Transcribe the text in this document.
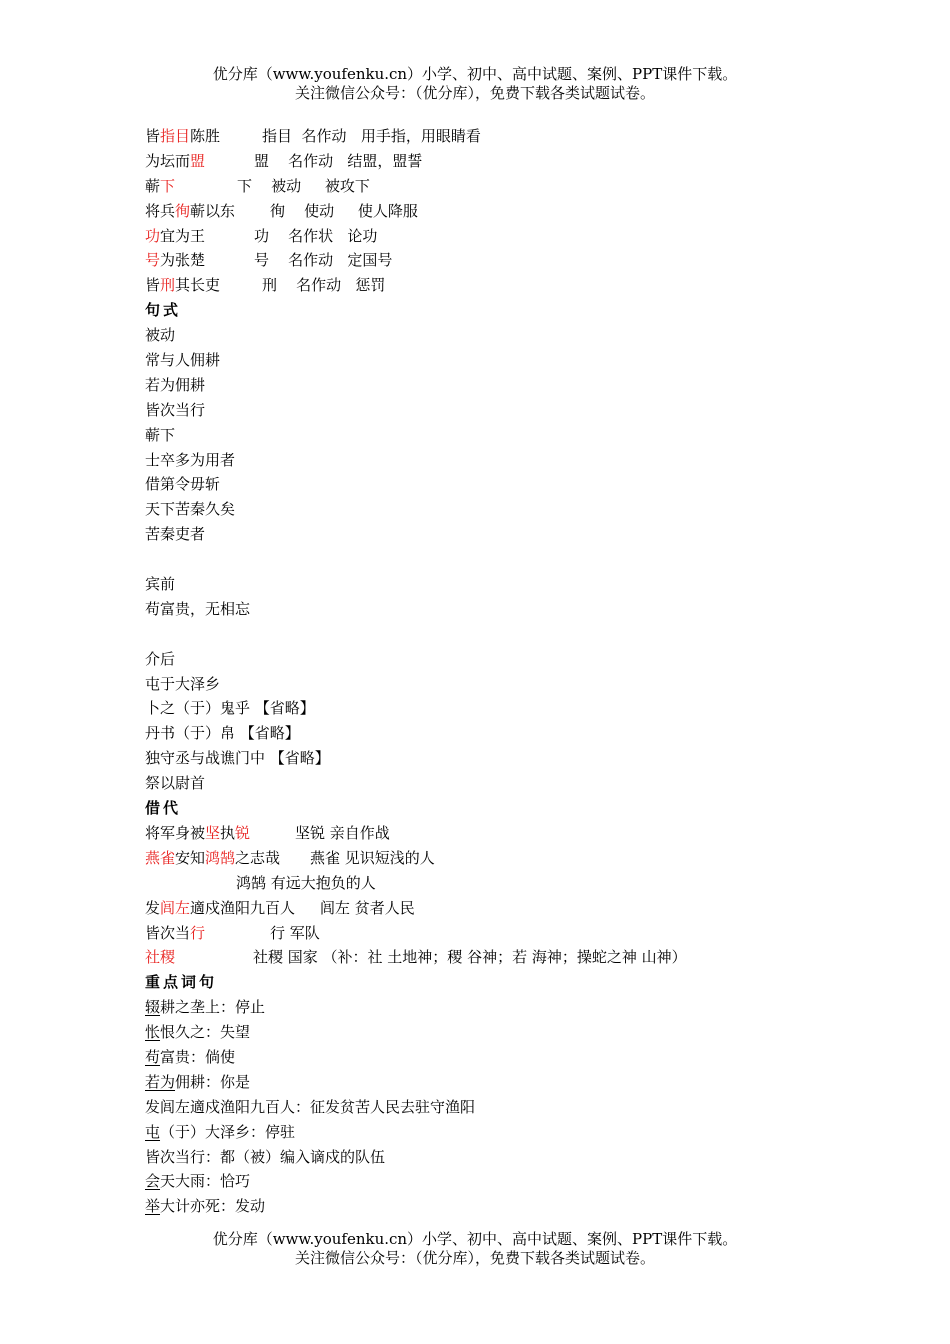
优分库（www.youfenku.cn）小学、初中、高中试题、案例、PPT课件下载。
关注微信公众号：（优分库），免费下载各类试题试卷。
皆指目陈胜	指目  名作动   用手指，用眼睛看
为坛而盟	盟    名作动   结盟，盟誓
蕲下	下    被动     被攻下
将兵徇蕲以东 徇    使动     使人降服
功宜为王	功    名作状   论功
号为张楚	号    名作动   定国号
皆刑其长吏	刑    名作动   惩罚
句式
被动
常与人佣耕
若为佣耕
皆次当行
蕲下
士卒多为用者
借第令毋斩
天下苦秦久矣
苦秦吏者
宾前
苟富贵，无相忘
介后
屯于大泽乡
卜之（于）鬼乎 【省略】
丹书（于）帛 【省略】
独守丞与战谯门中 【省略】
祭以尉首
借代
将军身被坚执锐	坚锐 亲自作战
燕雀安知鸿鹄之志哉 燕雀 见识短浅的人
鸿鹄 有远大抱负的人
发闾左適戍渔阳九百人 闾左 贫者人民
皆次当行	行 军队
社稷	社稷 国家 （补：社 土地神；稷 谷神；若 海神；操蛇之神 山神）
重点词句
辍耕之垄上：停止
怅恨久之：失望
苟富贵：倘使
若为佣耕：你是
发闾左適戍渔阳九百人：征发贫苦人民去驻守渔阳
屯（于）大泽乡：停驻
皆次当行：都（被）编入谪戍的队伍
会天大雨：恰巧
举大计亦死：发动
优分库（www.youfenku.cn）小学、初中、高中试题、案例、PPT课件下载。
关注微信公众号：（优分库），免费下载各类试题试卷。
